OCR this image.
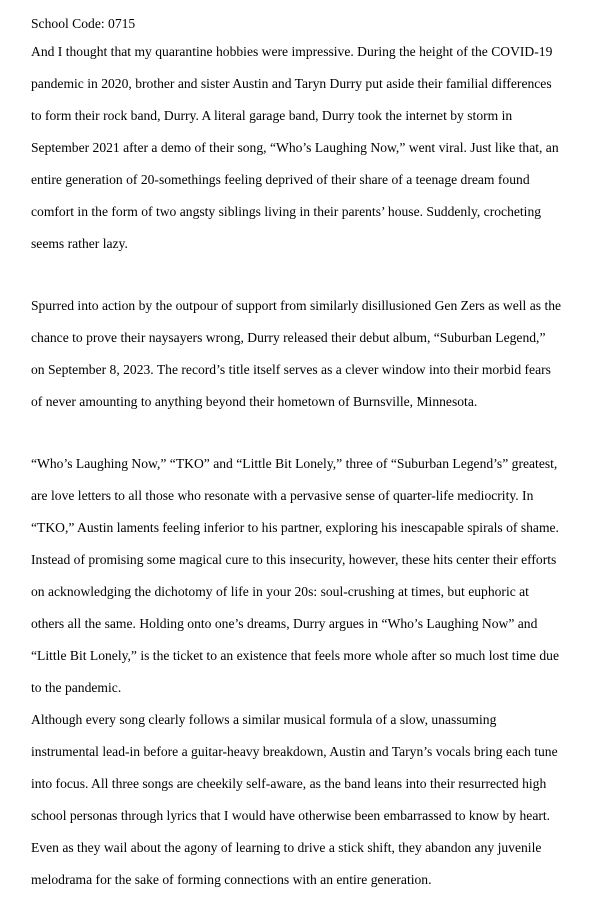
School Code: 0715
And I thought that my quarantine hobbies were impressive. During the height of the COVID-19
pandemic in 2020, brother and sister Austin and Taryn Durry put aside their familial differences
to form their rock band, Durry. A literal garage band, Durry took the internet by storm in
September 2021 after a demo of their song, “Who’s Laughing Now,” went viral. Just like that, an
entire generation of 20-somethings feeling deprived of their share of a teenage dream found
comfort in the form of two angsty siblings living in their parents’ house. Suddenly, crocheting
seems rather lazy.
Spurred into action by the outpour of support from similarly disillusioned Gen Zers as well as the
chance to prove their naysayers wrong, Durry released their debut album, “Suburban Legend,”
on September 8, 2023. The record’s title itself serves as a clever window into their morbid fears
of never amounting to anything beyond their hometown of Burnsville, Minnesota.
“Who’s Laughing Now,” “TKO” and “Little Bit Lonely,” three of “Suburban Legend’s” greatest,
are love letters to all those who resonate with a pervasive sense of quarter-life mediocrity. In
“TKO,” Austin laments feeling inferior to his partner, exploring his inescapable spirals of shame.
Instead of promising some magical cure to this insecurity, however, these hits center their efforts
on acknowledging the dichotomy of life in your 20s: soul-crushing at times, but euphoric at
others all the same. Holding onto one’s dreams, Durry argues in “Who’s Laughing Now” and
“Little Bit Lonely,” is the ticket to an existence that feels more whole after so much lost time due
to the pandemic.
Although every song clearly follows a similar musical formula of a slow, unassuming
instrumental lead-in before a guitar-heavy breakdown, Austin and Taryn’s vocals bring each tune
into focus. All three songs are cheekily self-aware, as the band leans into their resurrected high
school personas through lyrics that I would have otherwise been embarrassed to know by heart.
Even as they wail about the agony of learning to drive a stick shift, they abandon any juvenile
melodrama for the sake of forming connections with an entire generation.
